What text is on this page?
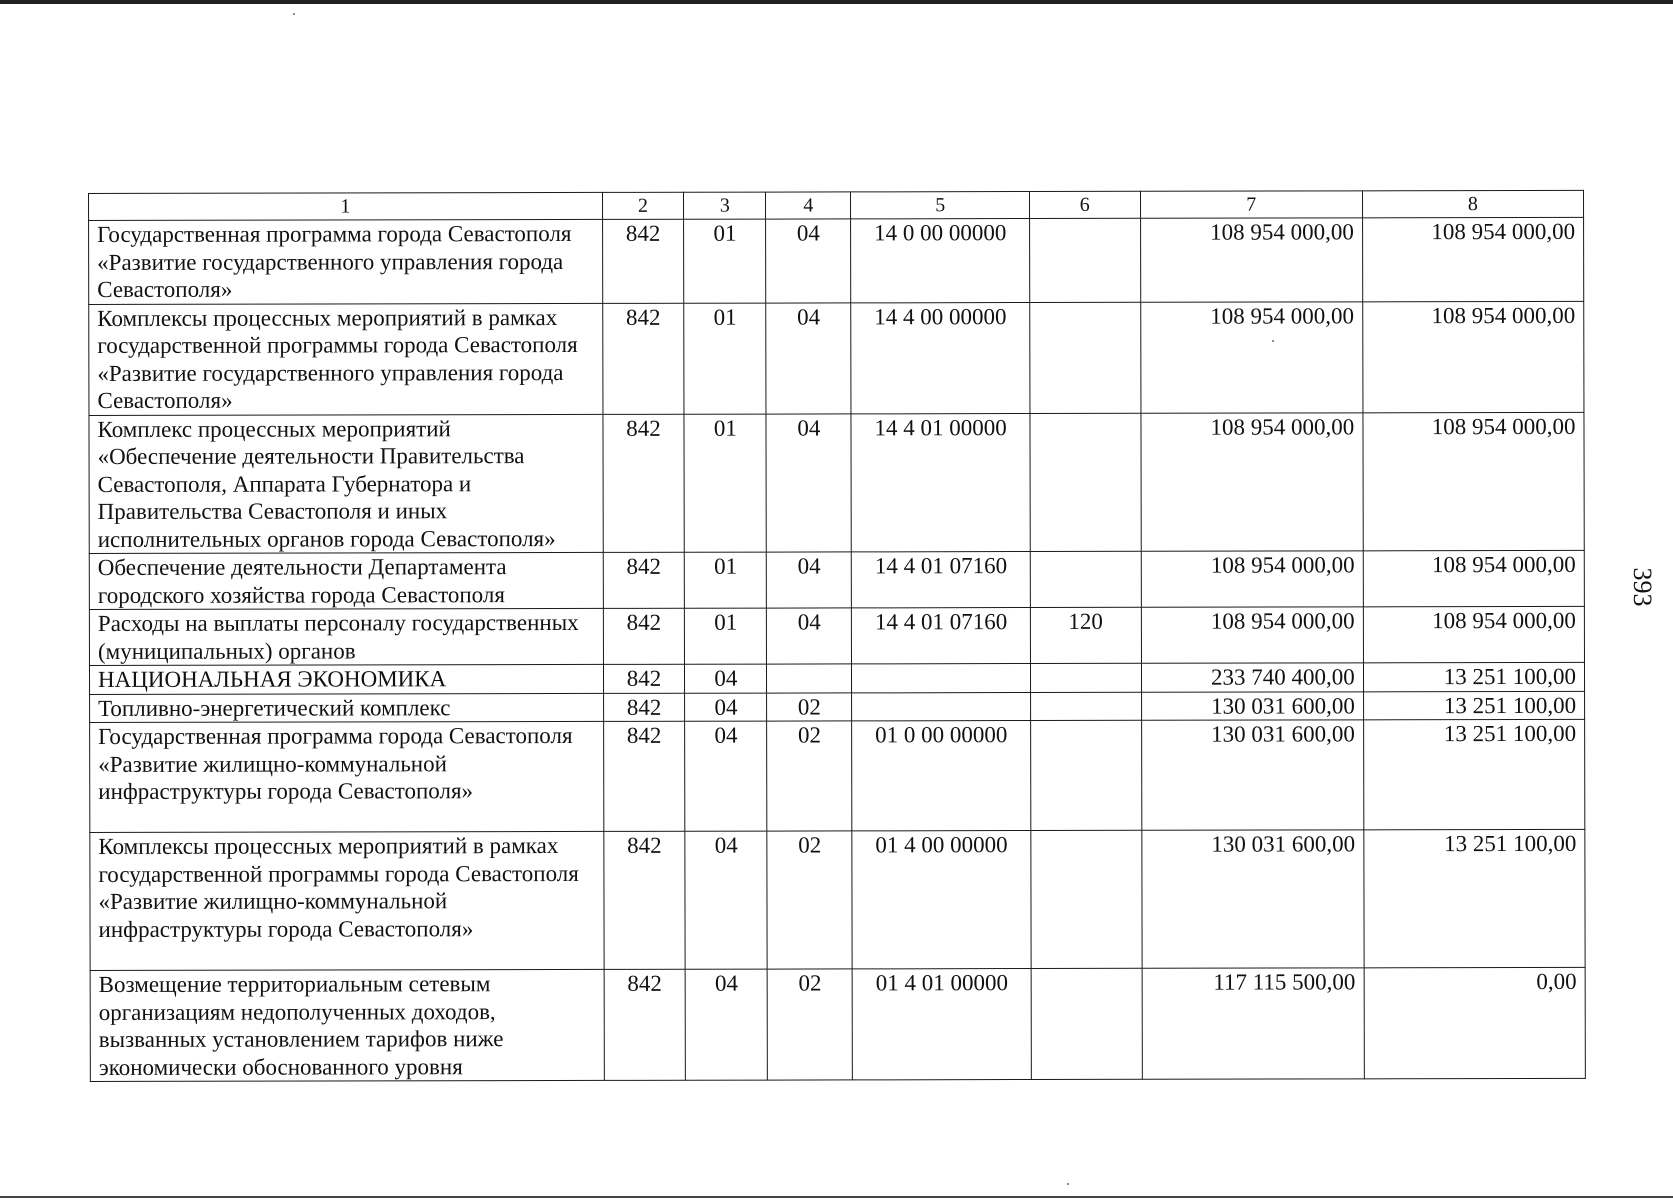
1	2	3	4	5	6	7	8
Государственная программа города Севастополя «Развитие государственного управления города Севастополя»	842	01	04	14 0 00 00000		108 954 000,00	108 954 000,00
Комплексы процессных мероприятий в рамках государственной программы города Севастополя «Развитие государственного управления города Севастополя»	842	01	04	14 4 00 00000		108 954 000,00	108 954 000,00
Комплекс процессных мероприятий «Обеспечение деятельности Правительства Севастополя, Аппарата Губернатора и Правительства Севастополя и иных исполнительных органов города Севастополя»	842	01	04	14 4 01 00000		108 954 000,00	108 954 000,00
Обеспечение деятельности Департамента городского хозяйства города Севастополя	842	01	04	14 4 01 07160		108 954 000,00	108 954 000,00
Расходы на выплаты персоналу государственных (муниципальных) органов	842	01	04	14 4 01 07160	120	108 954 000,00	108 954 000,00
НАЦИОНАЛЬНАЯ ЭКОНОМИКА	842	04				233 740 400,00	13 251 100,00
Топливно-энергетический комплекс	842	04	02			130 031 600,00	13 251 100,00
Государственная программа города Севастополя «Развитие жилищно-коммунальной инфраструктуры города Севастополя»	842	04	02	01 0 00 00000		130 031 600,00	13 251 100,00
Комплексы процессных мероприятий в рамках государственной программы города Севастополя «Развитие жилищно-коммунальной инфраструктуры города Севастополя»	842	04	02	01 4 00 00000		130 031 600,00	13 251 100,00
Возмещение территориальным сетевым организациям недополученных доходов, вызванных установлением тарифов ниже экономически обоснованного уровня	842	04	02	01 4 01 00000		117 115 500,00	0,00
393
